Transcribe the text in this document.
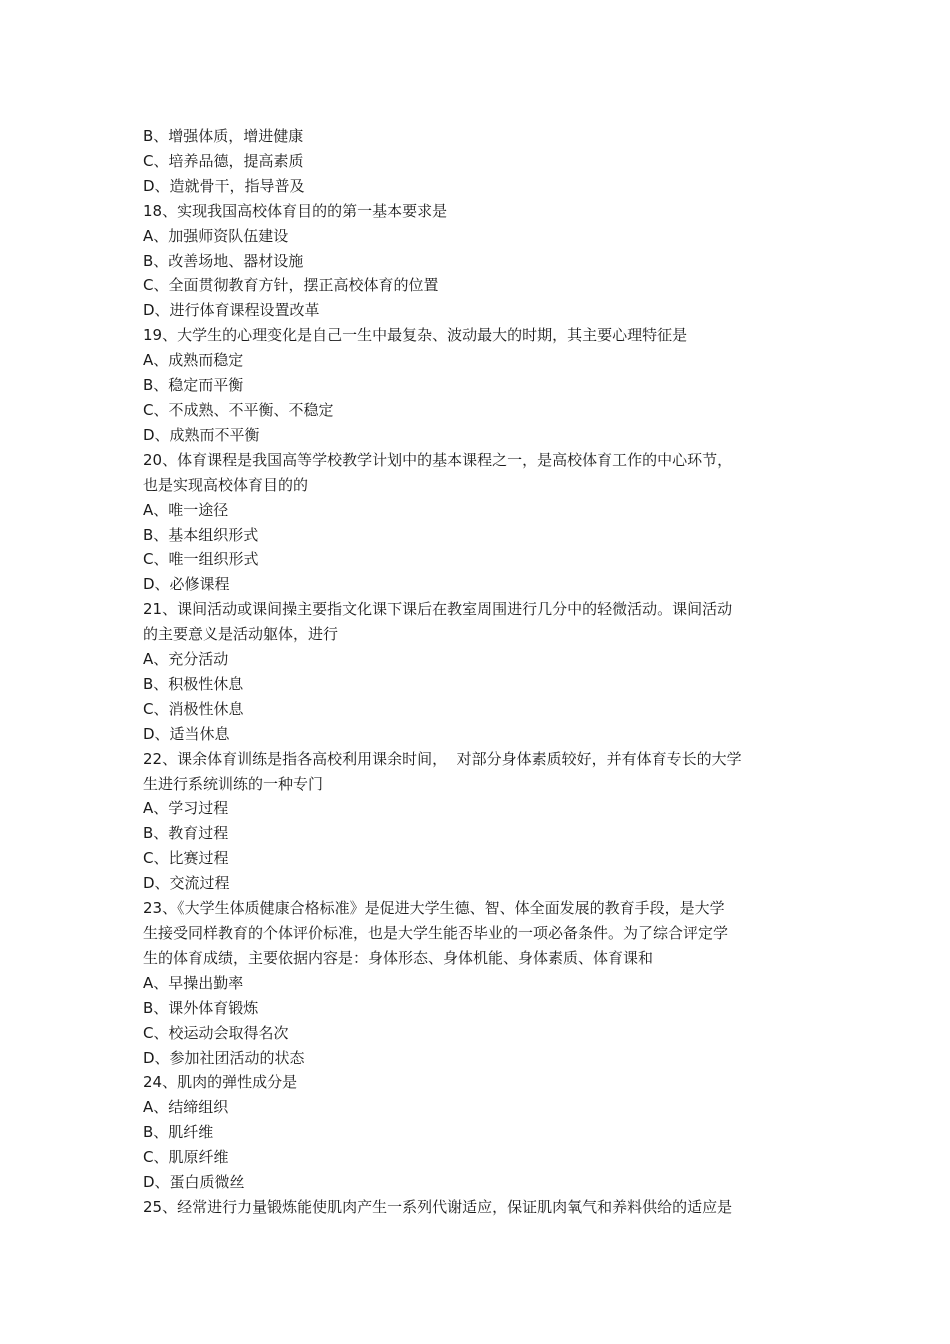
B、增强体质，增进健康
C、培养品德，提高素质
D、造就骨干，指导普及
18、实现我国高校体育目的的第一基本要求是
A、加强师资队伍建设
B、改善场地、器材设施
C、全面贯彻教育方针，摆正高校体育的位置
D、进行体育课程设置改革
19、大学生的心理变化是自己一生中最复杂、波动最大的时期，其主要心理特征是
A、成熟而稳定
B、稳定而平衡
C、不成熟、不平衡、不稳定
D、成熟而不平衡
20、体育课程是我国高等学校教学计划中的基本课程之一，是高校体育工作的中心环节，
也是实现高校体育目的的
A、唯一途径
B、基本组织形式
C、唯一组织形式
D、必修课程
21、课间活动或课间操主要指文化课下课后在教室周围进行几分中的轻微活动。课间活动
的主要意义是活动躯体，进行
A、充分活动
B、积极性休息
C、消极性休息
D、适当休息
22、课余体育训练是指各高校利用课余时间，  对部分身体素质较好，并有体育专长的大学
生进行系统训练的一种专门
A、学习过程
B、教育过程
C、比赛过程
D、交流过程
23、《大学生体质健康合格标准》是促进大学生德、智、体全面发展的教育手段，是大学
生接受同样教育的个体评价标准，也是大学生能否毕业的一项必备条件。为了综合评定学
生的体育成绩，主要依据内容是：身体形态、身体机能、身体素质、体育课和
A、早操出勤率
B、课外体育锻炼
C、校运动会取得名次
D、参加社团活动的状态
24、肌肉的弹性成分是
A、结缔组织
B、肌纤维
C、肌原纤维
D、蛋白质微丝
25、经常进行力量锻炼能使肌肉产生一系列代谢适应，保证肌肉氧气和养料供给的适应是
